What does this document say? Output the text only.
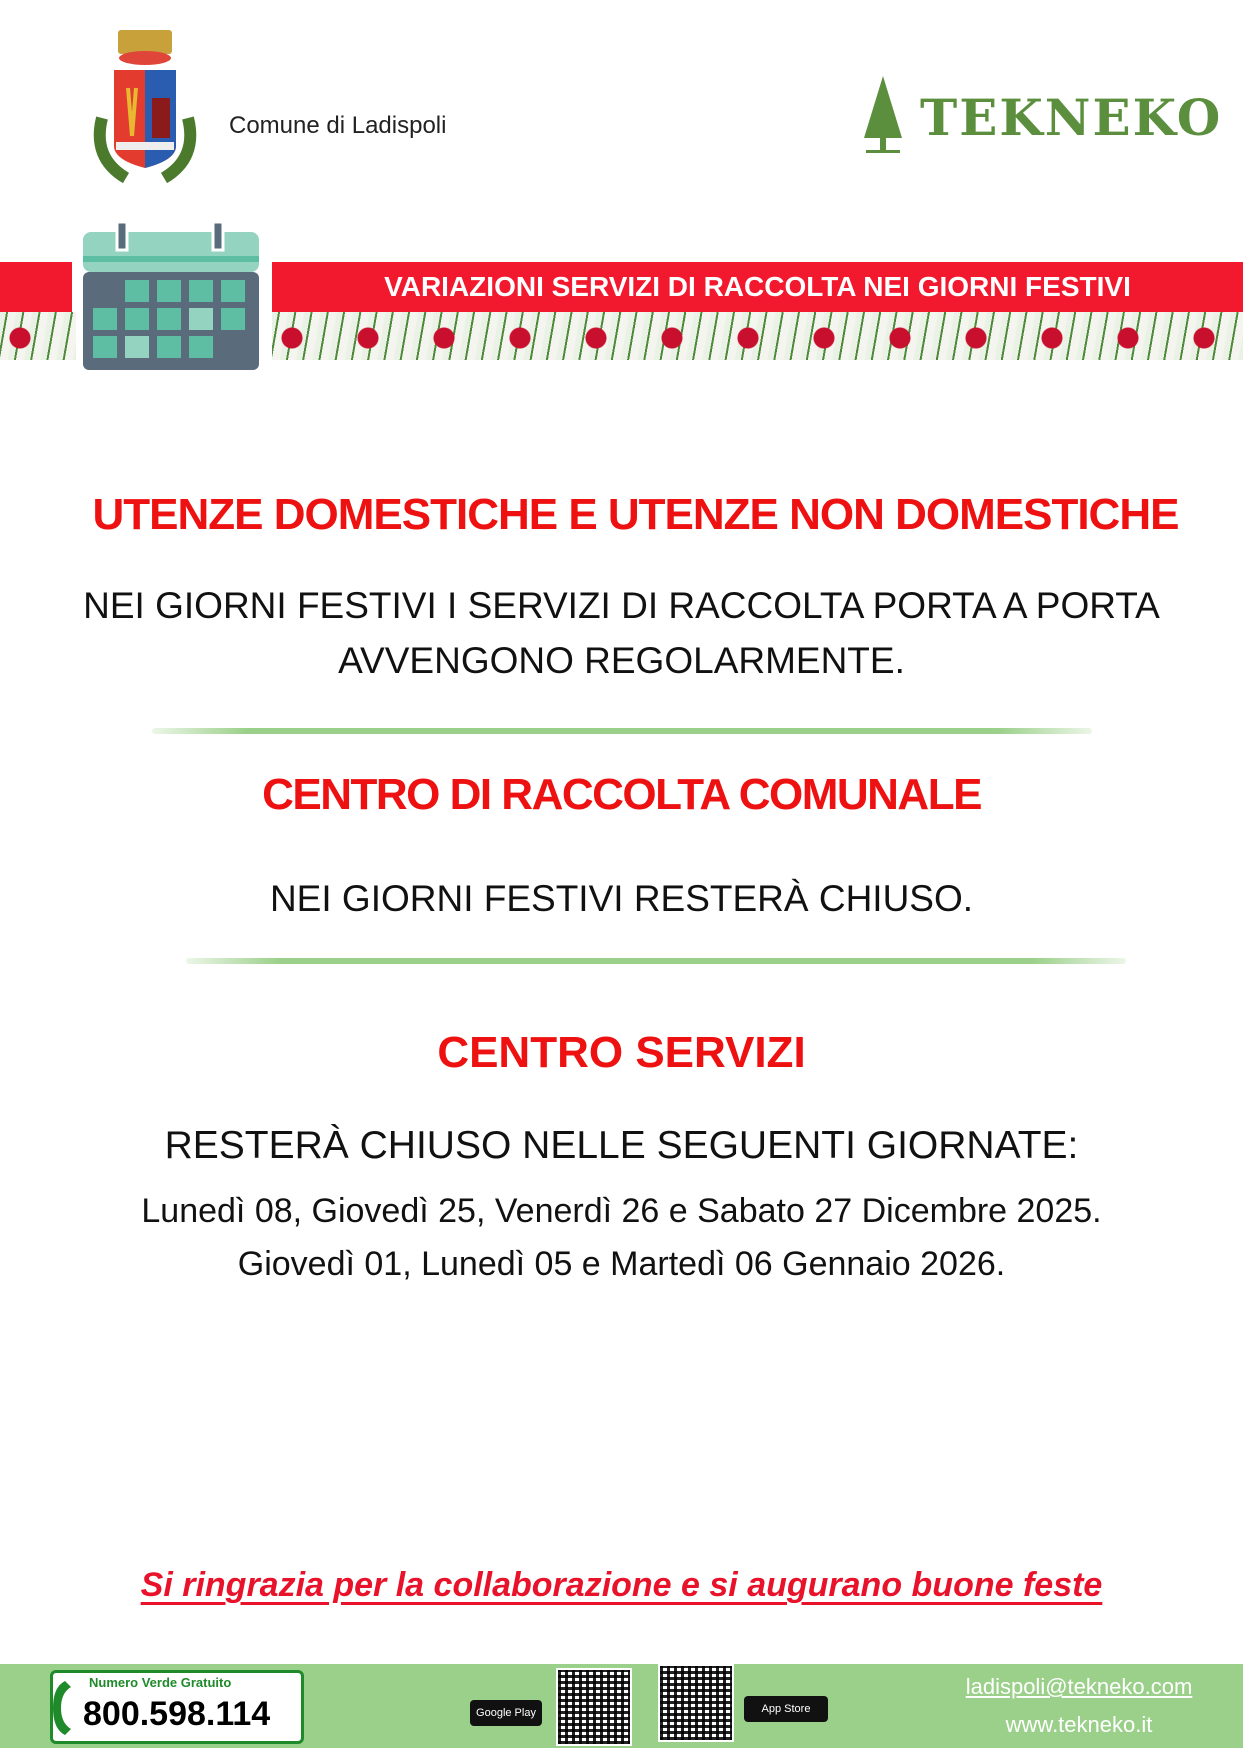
Comune di Ladispoli	TEKNEKO
VARIAZIONI SERVIZI DI RACCOLTA NEI GIORNI FESTIVI
UTENZE DOMESTICHE E UTENZE NON DOMESTICHE
NEI GIORNI FESTIVI I SERVIZI DI RACCOLTA PORTA A PORTA
AVVENGONO REGOLARMENTE.
CENTRO DI RACCOLTA COMUNALE
NEI GIORNI FESTIVI RESTERÀ CHIUSO.
CENTRO SERVIZI
RESTERÀ CHIUSO NELLE SEGUENTI GIORNATE:
Lunedì 08, Giovedì 25, Venerdì 26 e Sabato 27 Dicembre 2025.
Giovedì 01, Lunedì 05 e Martedì 06 Gennaio 2026.
Si ringrazia per la collaborazione e si augurano buone feste
Numero Verde Gratuito
800.598.114	Google Play	App Store
ladispoli@tekneko.com
www.tekneko.it
